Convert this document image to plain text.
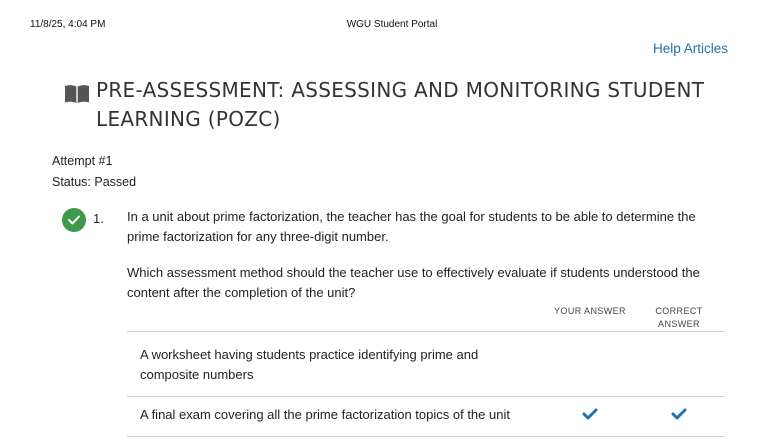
11/8/25, 4:04 PM	WGU Student Portal
Help Articles
PRE-ASSESSMENT: ASSESSING AND MONITORING STUDENT LEARNING (POZC)
Attempt #1
Status: Passed
1. In a unit about prime factorization, the teacher has the goal for students to be able to determine the prime factorization for any three-digit number.

Which assessment method should the teacher use to effectively evaluate if students understood the content after the completion of the unit?

YOUR ANSWER	CORRECT ANSWER
A worksheet having students practice identifying prime and composite numbers
A final exam covering all the prime factorization topics of the unit
